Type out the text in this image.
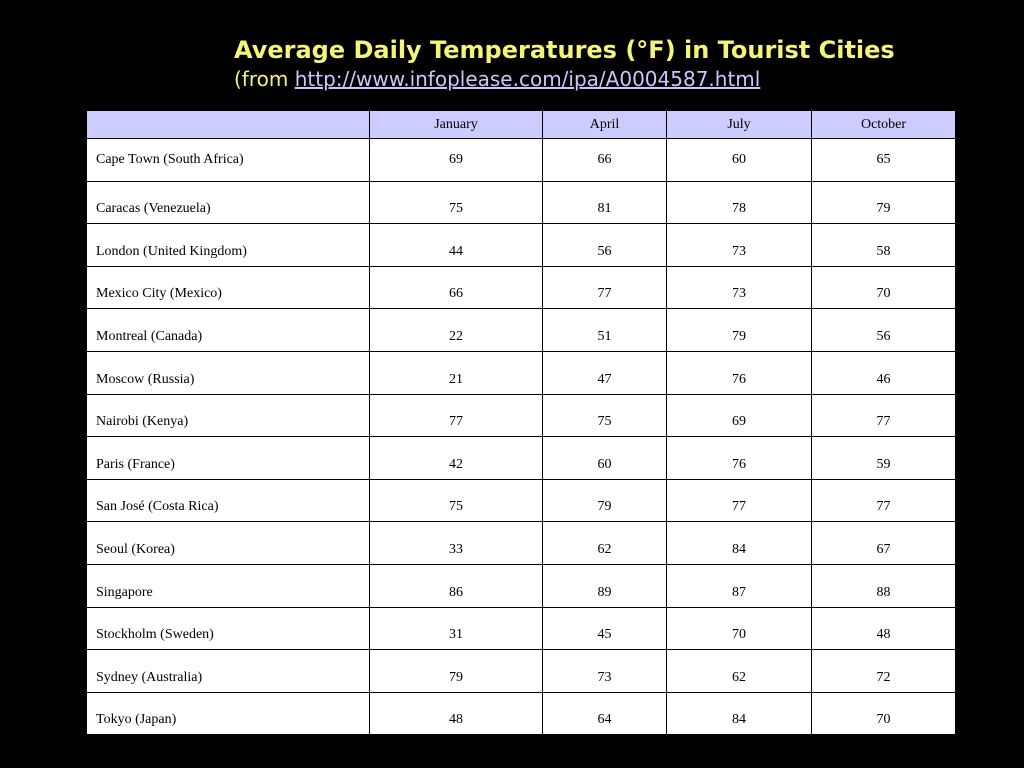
Average Daily Temperatures (°F) in Tourist Cities
(from http://www.infoplease.com/ipa/A0004587.html
	January	April	July	October
Cape Town (South Africa)	69	66	60	65
Caracas (Venezuela)	75	81	78	79
London (United Kingdom)	44	56	73	58
Mexico City (Mexico)	66	77	73	70
Montreal (Canada)	22	51	79	56
Moscow (Russia)	21	47	76	46
Nairobi (Kenya)	77	75	69	77
Paris (France)	42	60	76	59
San José (Costa Rica)	75	79	77	77
Seoul (Korea)	33	62	84	67
Singapore	86	89	87	88
Stockholm (Sweden)	31	45	70	48
Sydney (Australia)	79	73	62	72
Tokyo (Japan)	48	64	84	70
